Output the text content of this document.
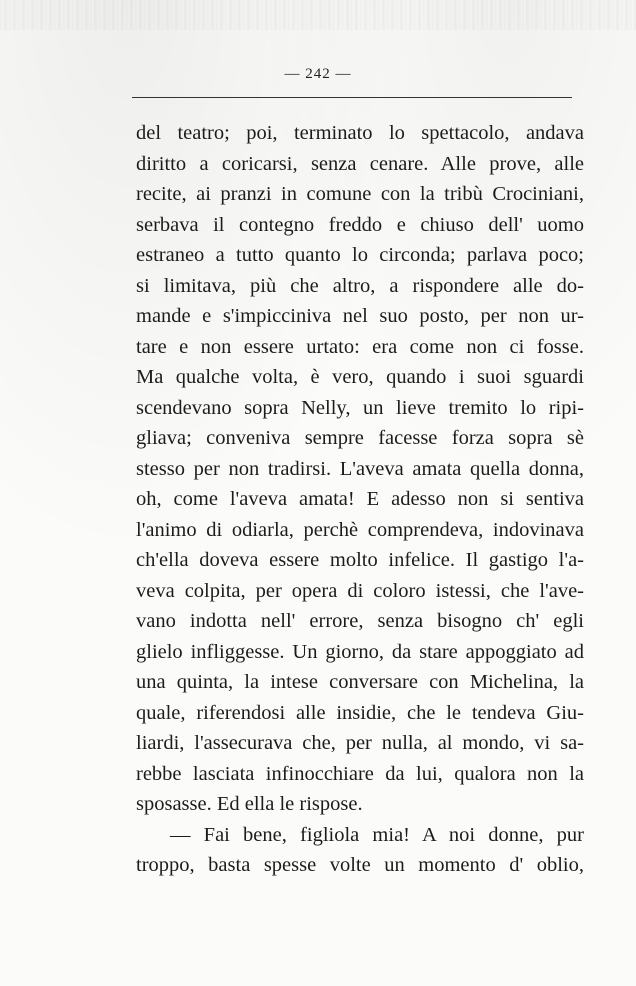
— 242 —
del teatro; poi, terminato lo spettacolo, andava
diritto a coricarsi, senza cenare. Alle prove, alle
recite, ai pranzi in comune con la tribù Crociniani,
serbava il contegno freddo e chiuso dell' uomo
estraneo a tutto quanto lo circonda; parlava poco;
si limitava, più che altro, a rispondere alle do-
mande e s'impicciniva nel suo posto, per non ur-
tare e non essere urtato: era come non ci fosse.
Ma qualche volta, è vero, quando i suoi sguardi
scendevano sopra Nelly, un lieve tremito lo ripi-
gliava; conveniva sempre facesse forza sopra sè
stesso per non tradirsi. L'aveva amata quella donna,
oh, come l'aveva amata! E adesso non si sentiva
l'animo di odiarla, perchè comprendeva, indovinava
ch'ella doveva essere molto infelice. Il gastigo l'a-
veva colpita, per opera di coloro istessi, che l'ave-
vano indotta nell' errore, senza bisogno ch' egli
glielo infliggesse. Un giorno, da stare appoggiato ad
una quinta, la intese conversare con Michelina, la
quale, riferendosi alle insidie, che le tendeva Giu-
liardi, l'assecurava che, per nulla, al mondo, vi sa-
rebbe lasciata infinocchiare da lui, qualora non la
sposasse. Ed ella le rispose.
— Fai bene, figliola mia! A noi donne, pur
troppo, basta spesse volte un momento d' oblio,
